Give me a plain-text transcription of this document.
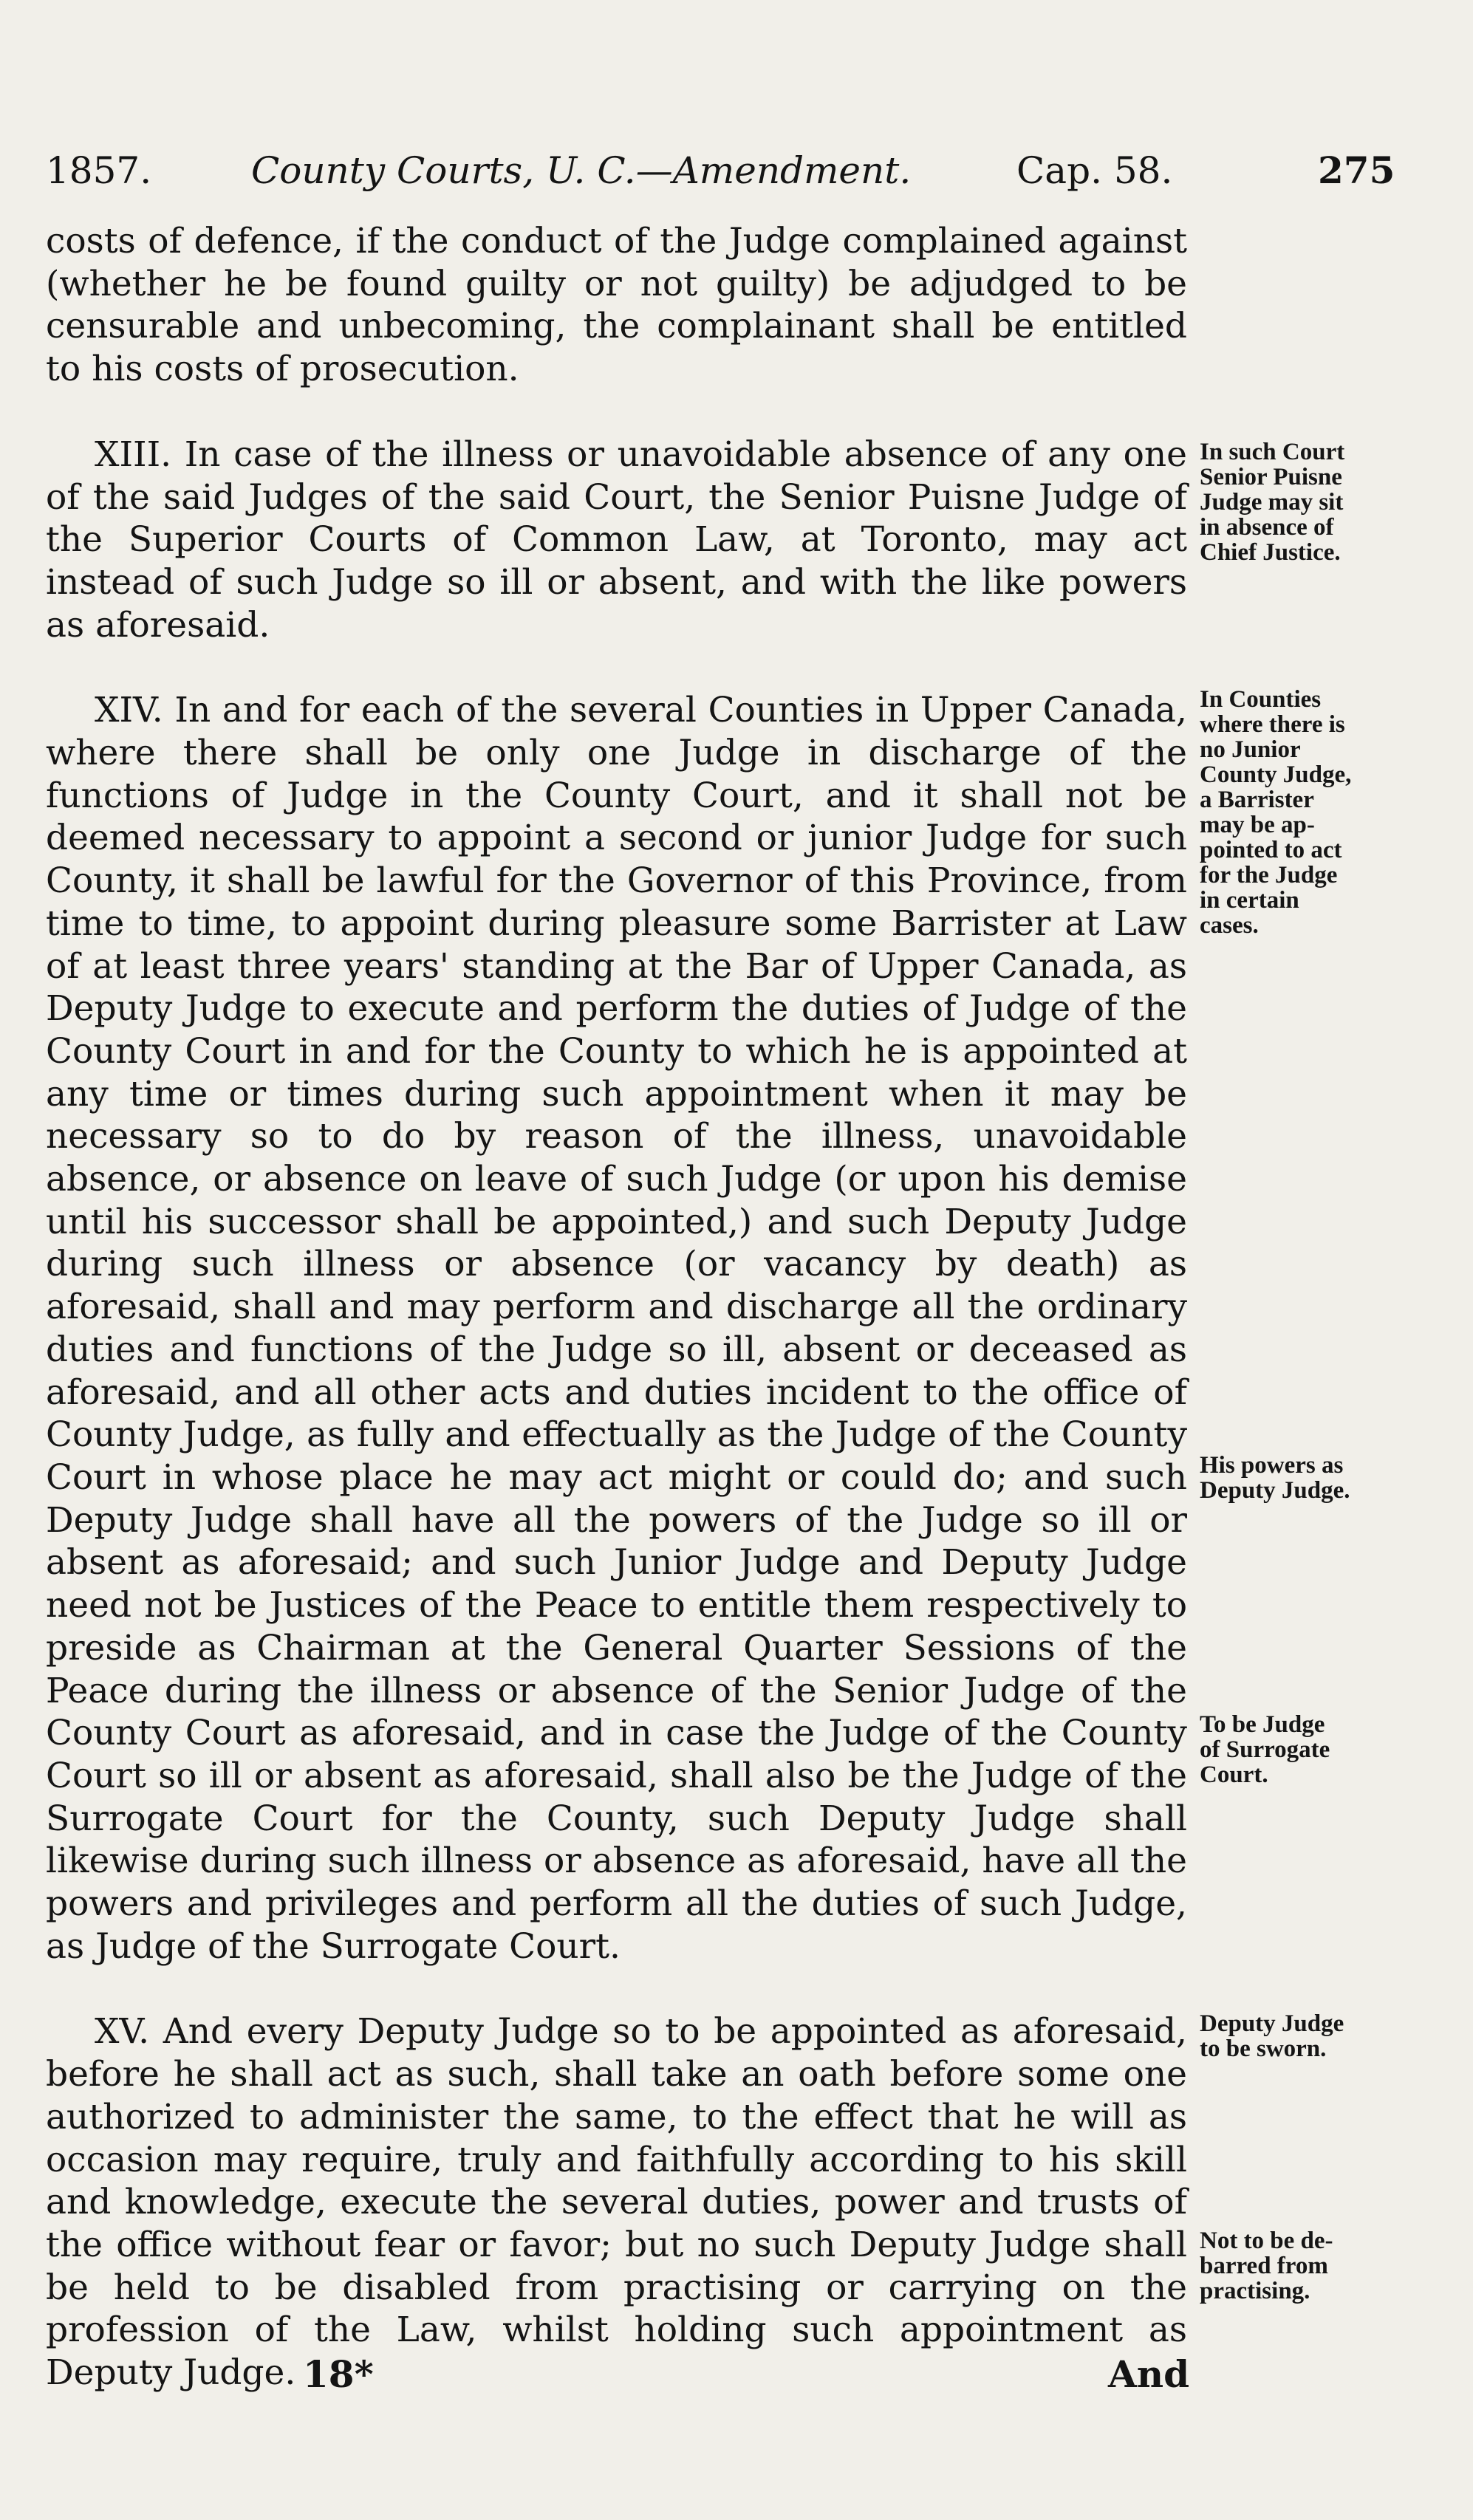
1857.	County Courts, U. C.—Amendment.	Cap. 58.	275

costs of defence, if the conduct of the Judge complained against (whether he be found guilty or not guilty) be adjudged to be censurable and unbecoming, the complainant shall be entitled to his costs of prosecution.

XIII. In case of the illness or unavoidable absence of any one of the said Judges of the said Court, the Senior Puisne Judge of the Superior Courts of Common Law, at Toronto, may act instead of such Judge so ill or absent, and with the like powers as aforesaid.

XIV. In and for each of the several Counties in Upper Canada, where there shall be only one Judge in discharge of the functions of Judge in the County Court, and it shall not be deemed necessary to appoint a second or junior Judge for such County, it shall be lawful for the Governor of this Province, from time to time, to appoint during pleasure some Barrister at Law of at least three years' standing at the Bar of Upper Canada, as Deputy Judge to execute and perform the duties of Judge of the County Court in and for the County to which he is appointed at any time or times during such appointment when it may be necessary so to do by reason of the illness, unavoidable absence, or absence on leave of such Judge (or upon his demise until his successor shall be appointed,) and such Deputy Judge during such illness or absence (or vacancy by death) as aforesaid, shall and may perform and discharge all the ordinary duties and functions of the Judge so ill, absent or deceased as aforesaid, and all other acts and duties incident to the office of County Judge, as fully and effectually as the Judge of the County Court in whose place he may act might or could do; and such Deputy Judge shall have all the powers of the Judge so ill or absent as aforesaid; and such Junior Judge and Deputy Judge need not be Justices of the Peace to entitle them respectively to preside as Chairman at the General Quarter Sessions of the Peace during the illness or absence of the Senior Judge of the County Court as aforesaid, and in case the Judge of the County Court so ill or absent as aforesaid, shall also be the Judge of the Surrogate Court for the County, such Deputy Judge shall likewise during such illness or absence as aforesaid, have all the powers and privileges and perform all the duties of such Judge, as Judge of the Surrogate Court.

XV. And every Deputy Judge so to be appointed as aforesaid, before he shall act as such, shall take an oath before some one authorized to administer the same, to the effect that he will as occasion may require, truly and faithfully according to his skill and knowledge, execute the several duties, power and trusts of the office without fear or favor; but no such Deputy Judge shall be held to be disabled from practising or carrying on the profession of the Law, whilst holding such appointment as Deputy Judge.

In such Court
Senior Puisne
Judge may sit
in absence of
Chief Justice.
In Counties
where there is
no Junior
County Judge,
a Barrister
may be ap-
pointed to act
for the Judge
in certain
cases.
His powers as
Deputy Judge.
To be Judge
of Surrogate
Court.
Deputy Judge
to be sworn.
Not to be de-
barred from
practising.
18*	And
